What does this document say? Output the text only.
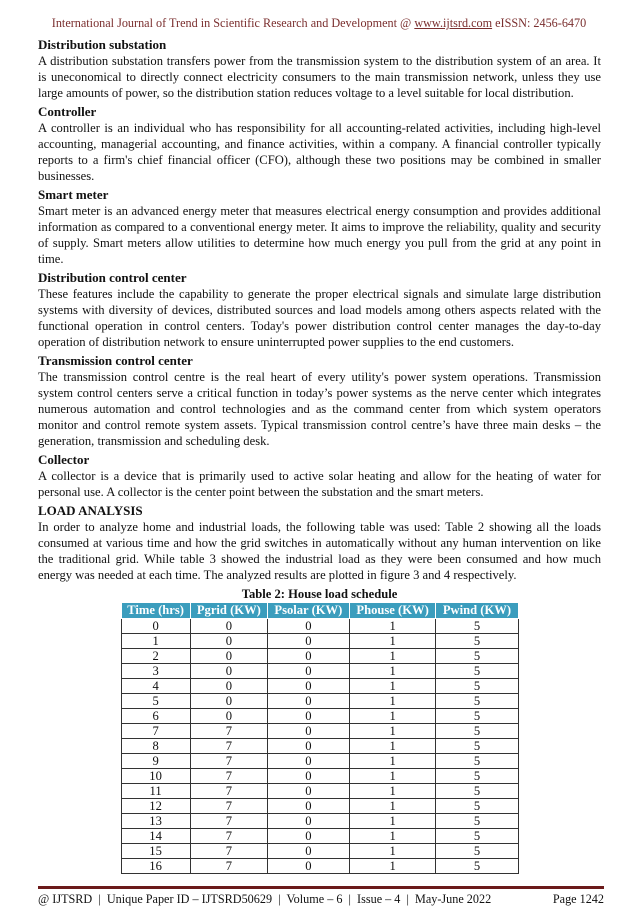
International Journal of Trend in Scientific Research and Development @ www.ijtsrd.com eISSN: 2456-6470
Distribution substation

A distribution substation transfers power from the transmission system to the distribution system of an area. It is uneconomical to directly connect electricity consumers to the main transmission network, unless they use large amounts of power, so the distribution station reduces voltage to a level suitable for local distribution.

Controller

A controller is an individual who has responsibility for all accounting-related activities, including high-level accounting, managerial accounting, and finance activities, within a company. A financial controller typically reports to a firm's chief financial officer (CFO), although these two positions may be combined in smaller businesses.

Smart meter

Smart meter is an advanced energy meter that measures electrical energy consumption and provides additional information as compared to a conventional energy meter. It aims to improve the reliability, quality and security of supply. Smart meters allow utilities to determine how much energy you pull from the grid at any point in time.

Distribution control center

These features include the capability to generate the proper electrical signals and simulate large distribution systems with diversity of devices, distributed sources and load models among others aspects related with the functional operation in control centers. Today's power distribution control center manages the day-to-day operation of distribution network to ensure uninterrupted power supplies to the end customers.

Transmission control center

The transmission control centre is the real heart of every utility's power system operations. Transmission system control centers serve a critical function in today’s power systems as the nerve center which integrates numerous automation and control technologies and as the command center from which system operators monitor and control remote system assets. Typical transmission control centre’s have three main desks – the generation, transmission and scheduling desk.

Collector

A collector is a device that is primarily used to active solar heating and allow for the heating of water for personal use. A collector is the center point between the substation and the smart meters.

LOAD ANALYSIS

In order to analyze home and industrial loads, the following table was used: Table 2 showing all the loads consumed at various time and how the grid switches in automatically without any human intervention on like the traditional grid. While table 3 showed the industrial load as they were been consumed and how much energy was needed at each time. The analyzed results are plotted in figure 3 and 4 respectively.

Table 2: House load schedule
Time (hrs)	Pgrid (KW)	Psolar (KW)	Phouse (KW)	Pwind (KW)
0	0	0	1	5
1	0	0	1	5
2	0	0	1	5
3	0	0	1	5
4	0	0	1	5
5	0	0	1	5
6	0	0	1	5
7	7	0	1	5
8	7	0	1	5
9	7	0	1	5
10	7	0	1	5
11	7	0	1	5
12	7	0	1	5
13	7	0	1	5
14	7	0	1	5
15	7	0	1	5
16	7	0	1	5
@ IJTSRD  |  Unique Paper ID – IJTSRD50629  |  Volume – 6  |  Issue – 4  |  May-June 2022	Page 1242
